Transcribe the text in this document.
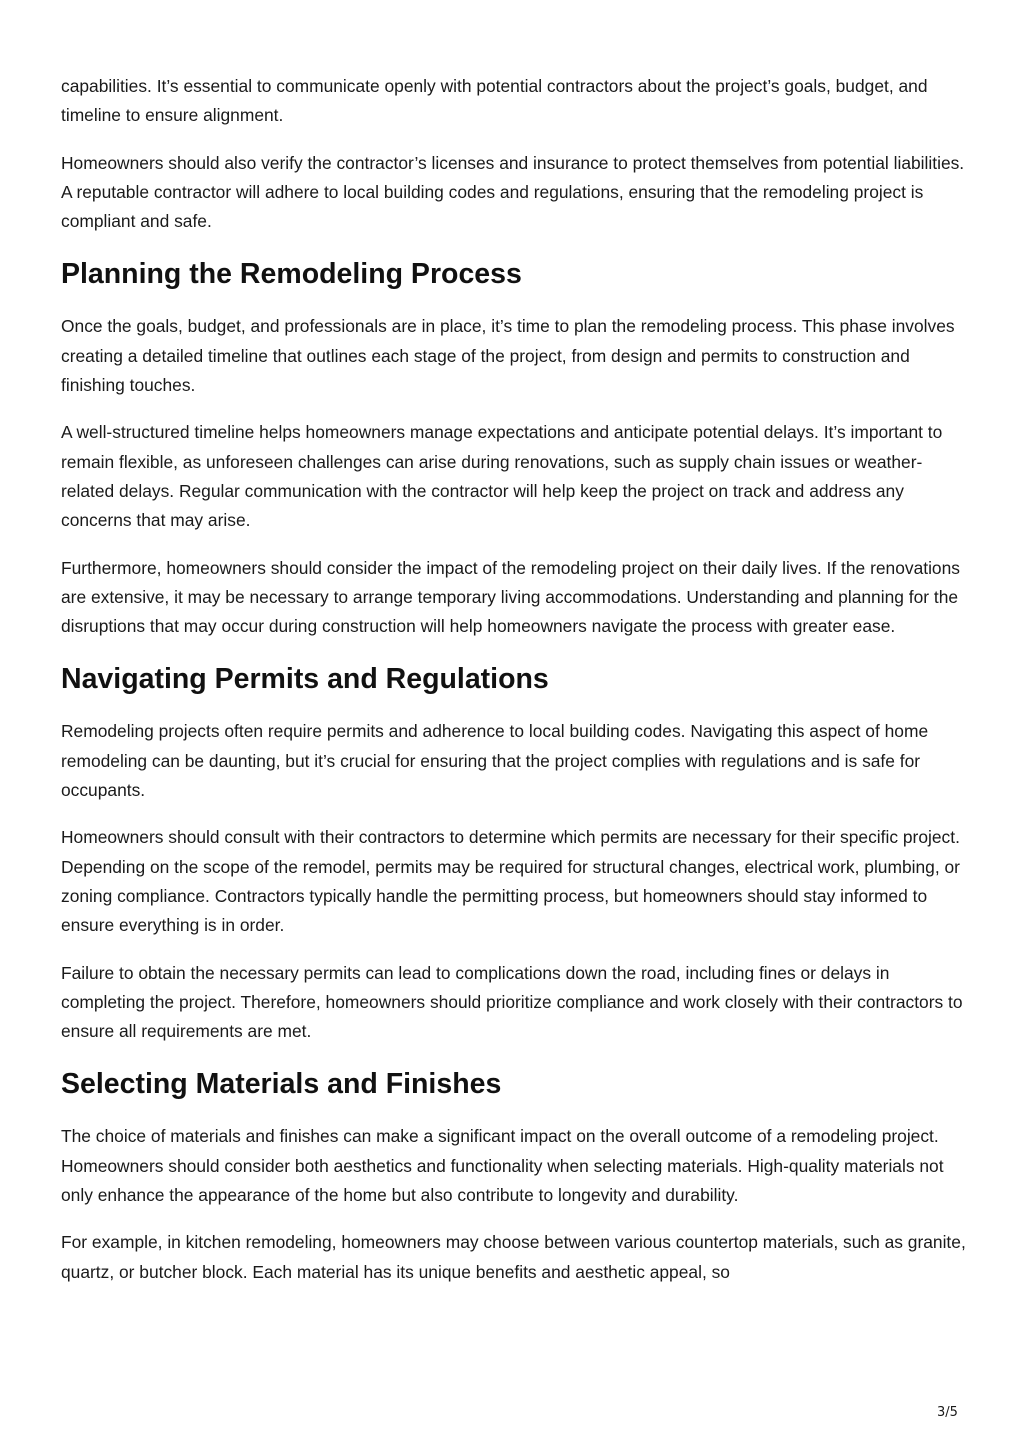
capabilities. It’s essential to communicate openly with potential contractors about the project’s goals, budget, and timeline to ensure alignment.

Homeowners should also verify the contractor’s licenses and insurance to protect themselves from potential liabilities. A reputable contractor will adhere to local building codes and regulations, ensuring that the remodeling project is compliant and safe.

Planning the Remodeling Process

Once the goals, budget, and professionals are in place, it’s time to plan the remodeling process. This phase involves creating a detailed timeline that outlines each stage of the project, from design and permits to construction and finishing touches.

A well-structured timeline helps homeowners manage expectations and anticipate potential delays. It’s important to remain flexible, as unforeseen challenges can arise during renovations, such as supply chain issues or weather-related delays. Regular communication with the contractor will help keep the project on track and address any concerns that may arise.

Furthermore, homeowners should consider the impact of the remodeling project on their daily lives. If the renovations are extensive, it may be necessary to arrange temporary living accommodations. Understanding and planning for the disruptions that may occur during construction will help homeowners navigate the process with greater ease.

Navigating Permits and Regulations

Remodeling projects often require permits and adherence to local building codes. Navigating this aspect of home remodeling can be daunting, but it’s crucial for ensuring that the project complies with regulations and is safe for occupants.

Homeowners should consult with their contractors to determine which permits are necessary for their specific project. Depending on the scope of the remodel, permits may be required for structural changes, electrical work, plumbing, or zoning compliance. Contractors typically handle the permitting process, but homeowners should stay informed to ensure everything is in order.

Failure to obtain the necessary permits can lead to complications down the road, including fines or delays in completing the project. Therefore, homeowners should prioritize compliance and work closely with their contractors to ensure all requirements are met.

Selecting Materials and Finishes

The choice of materials and finishes can make a significant impact on the overall outcome of a remodeling project. Homeowners should consider both aesthetics and functionality when selecting materials. High-quality materials not only enhance the appearance of the home but also contribute to longevity and durability.

For example, in kitchen remodeling, homeowners may choose between various countertop materials, such as granite, quartz, or butcher block. Each material has its unique benefits and aesthetic appeal, so

3/5
